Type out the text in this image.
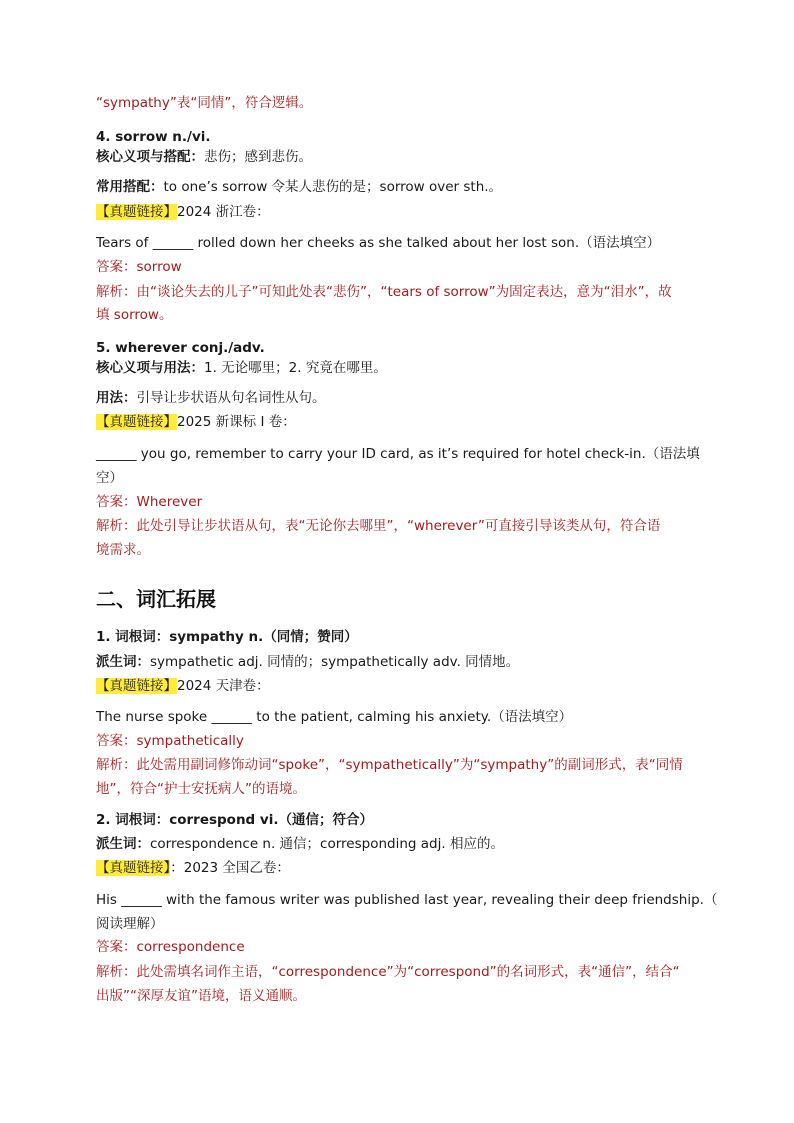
“sympathy”表“同情”，符合逻辑。
4. sorrow n./vi.
核心义项与搭配：悲伤；感到悲伤。
常用搭配：to one’s sorrow 令某人悲伤的是；sorrow over sth.。
【真题链接】2024 浙江卷：
Tears of ______ rolled down her cheeks as she talked about her lost son.（语法填空）
答案：sorrow
解析：由“谈论失去的儿子”可知此处表“悲伤”，“tears of sorrow”为固定表达，意为“泪水”，故
填 sorrow。
5. wherever conj./adv.
核心义项与用法：1. 无论哪里；2. 究竟在哪里。
用法：引导让步状语从句名词性从句。
【真题链接】2025 新课标 I 卷：
______ you go, remember to carry your ID card, as it’s required for hotel check-in.（语法填
空）
答案：Wherever
解析：此处引导让步状语从句，表“无论你去哪里”，“wherever”可直接引导该类从句，符合语
境需求。
二、词汇拓展
1. 词根词：sympathy n.（同情；赞同）
派生词：sympathetic adj. 同情的；sympathetically adv. 同情地。
【真题链接】2024 天津卷：
The nurse spoke ______ to the patient, calming his anxiety.（语法填空）
答案：sympathetically
解析：此处需用副词修饰动词“spoke”，“sympathetically”为“sympathy”的副词形式，表“同情
地”，符合“护士安抚病人”的语境。
2. 词根词：correspond vi.（通信；符合）
派生词：correspondence n. 通信；corresponding adj. 相应的。
【真题链接】：2023 全国乙卷：
His ______ with the famous writer was published last year, revealing their deep friendship.（
阅读理解）
答案：correspondence
解析：此处需填名词作主语，“correspondence”为“correspond”的名词形式，表“通信”，结合“
出版”“深厚友谊”语境，语义通顺。
